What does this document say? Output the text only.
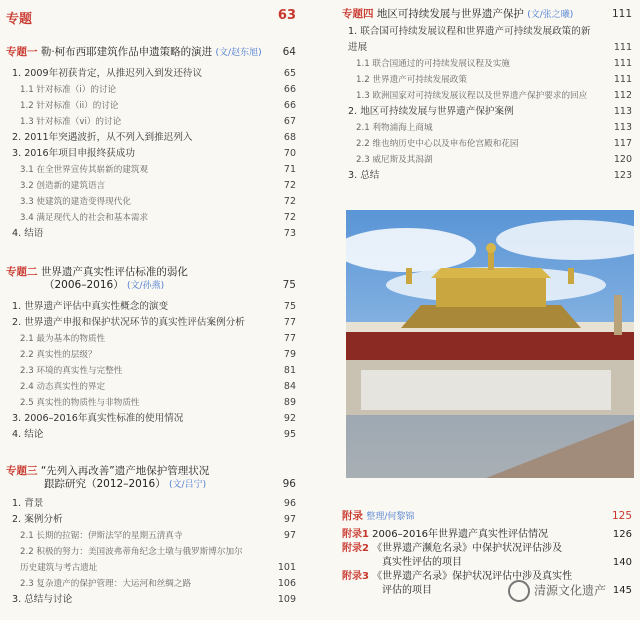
专题	63
专题一 勒·柯布西耶建筑作品申遗策略的演进 (文/赵东旭) 64
1. 2009年初获肯定，从推迟列入到发还待议	65
1.1 针对标准（i）的讨论	66
1.2 针对标准（ii）的讨论	66
1.3 针对标准（vi）的讨论	67
2. 2011年突遇波折，从不列入到推迟列入	68
3. 2016年项目申报终获成功	70
3.1 在全世界宣传其崭新的建筑观	71
3.2 创造新的建筑语言	72
3.3 使建筑的建造变得现代化	72
3.4 满足现代人的社会和基本需求	72
4. 结语	73
专题二 世界遗产真实性评估标准的弱化
（2006–2016） (文/孙燕)	75
1. 世界遗产评估中真实性概念的演变	75
2. 世界遗产申报和保护状况环节的真实性评估案例分析	77
2.1 最为基本的物质性	77
2.2 真实性的层级？	79
2.3 环境的真实性与完整性	81
2.4 动态真实性的界定	84
2.5 真实性的物质性与非物质性	89
3. 2006–2016年真实性标准的使用情况	92
4. 结论	95
专题三 “先列入再改善”遗产地保护管理状况
跟踪研究（2012–2016） (文/吕宁)	96
1. 背景	96
2. 案例分析	97
2.1 长期的拉锯：伊斯法罕的星期五清真寺	97
2.2 积极的努力：美国波弗蒂角纪念土墩与俄罗斯博尔加尔
历史建筑与考古遗址	101
2.3 复杂遗产的保护管理：大运河和丝绸之路	106
3. 总结与讨论	109
专题四 地区可持续发展与世界遗产保护 (文/张之曦)	111
1. 联合国可持续发展议程和世界遗产可持续发展政策的新
进展	111
1.1 联合国通过的可持续发展议程及实施	111
1.2 世界遗产可持续发展政策	111
1.3 欧洲国家对可持续发展议程以及世界遗产保护要求的回应	112
2. 地区可持续发展与世界遗产保护案例	113
2.1 利物浦海上商城	113
2.2 维也纳历史中心以及申布伦宫殿和花园	117
2.3 威尼斯及其潟湖	120
3. 总结	123
附录 整理/何黎锦	125
附录1 2006–2016年世界遗产真实性评估情况	126
附录2 《世界遗产濒危名录》中保护状况评估涉及
真实性评估的项目	140
附录3 《世界遗产名录》保护状况评估中涉及真实性
评估的项目	145
清源文化遗产
